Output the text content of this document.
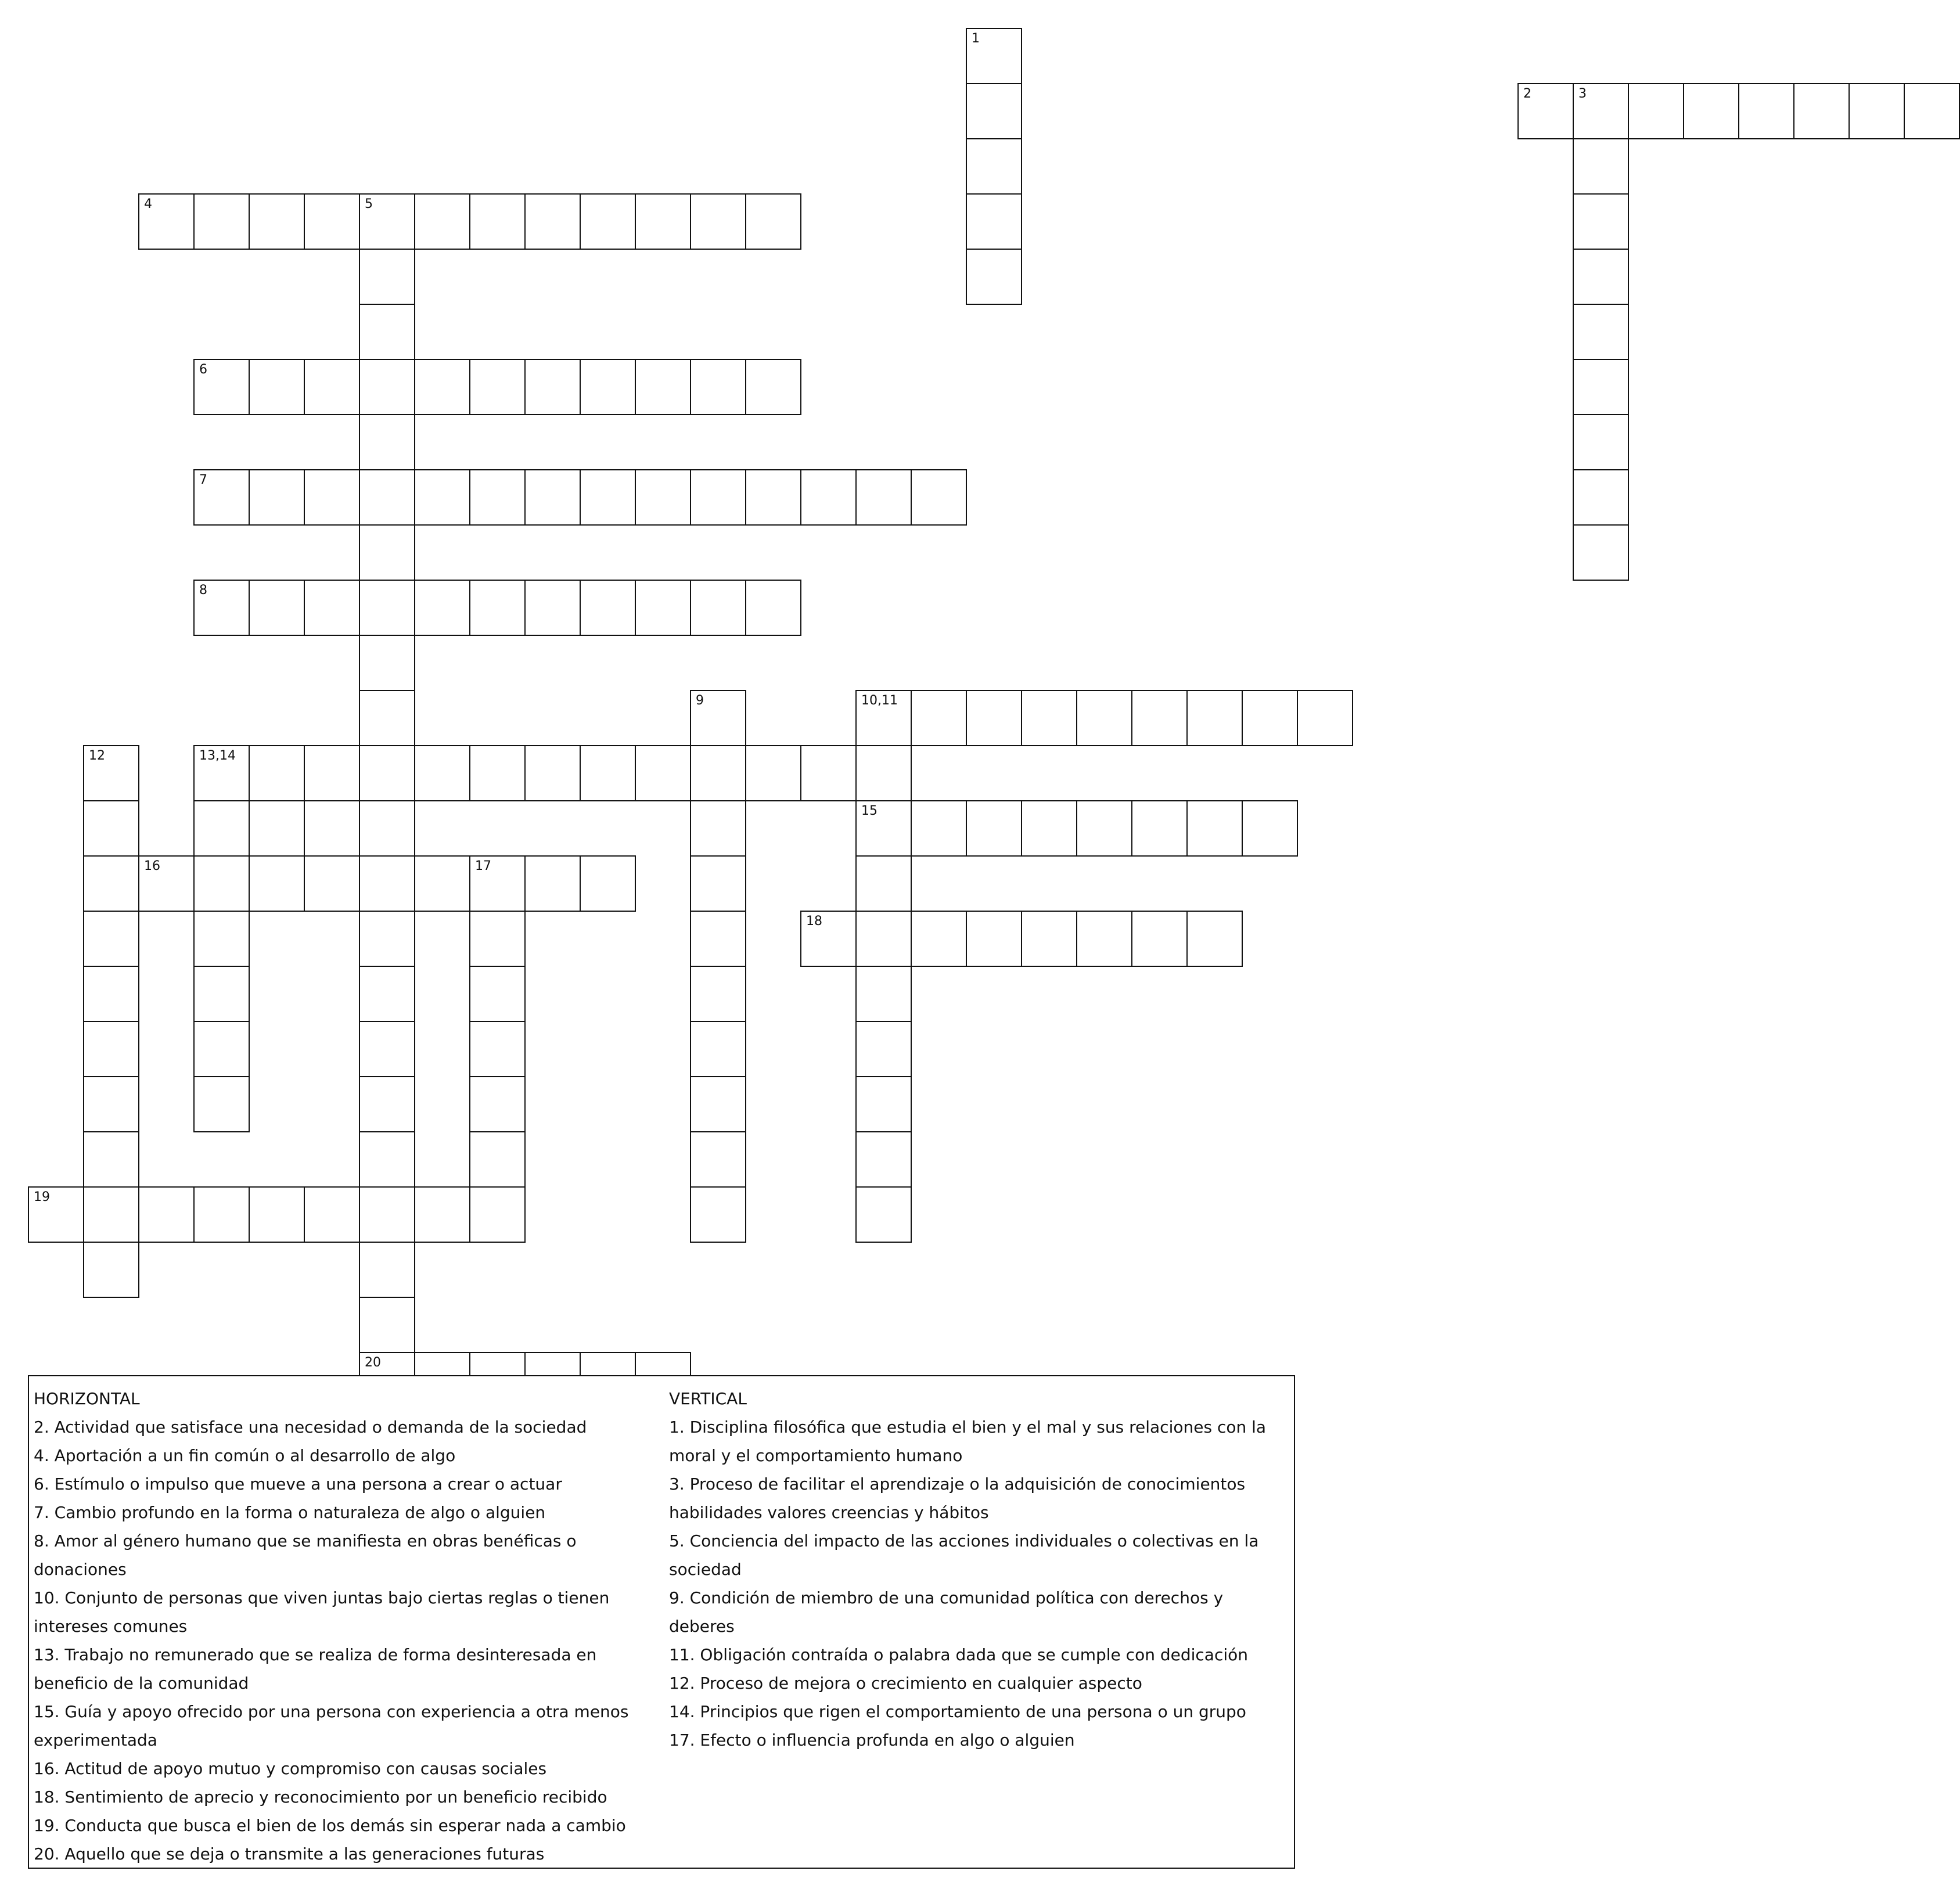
1
2	3
4	5
6
7
8
9	10,11
15
12	13,14
16	17
18
19
20
HORIZONTAL

2. Actividad que satisface una necesidad o demanda de la sociedad

4. Aportación a un fin común o al desarrollo de algo

6. Estímulo o impulso que mueve a una persona a crear o actuar

7. Cambio profundo en la forma o naturaleza de algo o alguien

8. Amor al género humano que se manifiesta en obras benéficas o donaciones

10. Conjunto de personas que viven juntas bajo ciertas reglas o tienen intereses comunes

13. Trabajo no remunerado que se realiza de forma desinteresada en beneficio de la comunidad

15. Guía y apoyo ofrecido por una persona con experiencia a otra menos experimentada

16. Actitud de apoyo mutuo y compromiso con causas sociales

18. Sentimiento de aprecio y reconocimiento por un beneficio recibido

19. Conducta que busca el bien de los demás sin esperar nada a cambio

20. Aquello que se deja o transmite a las generaciones futuras

VERTICAL

1. Disciplina filosófica que estudia el bien y el mal y sus relaciones con la moral y el comportamiento humano

3. Proceso de facilitar el aprendizaje o la adquisición de conocimientos habilidades valores creencias y hábitos

5. Conciencia del impacto de las acciones individuales o colectivas en la sociedad

9. Condición de miembro de una comunidad política con derechos y deberes

11. Obligación contraída o palabra dada que se cumple con dedicación

12. Proceso de mejora o crecimiento en cualquier aspecto

14. Principios que rigen el comportamiento de una persona o un grupo

17. Efecto o influencia profunda en algo o alguien
